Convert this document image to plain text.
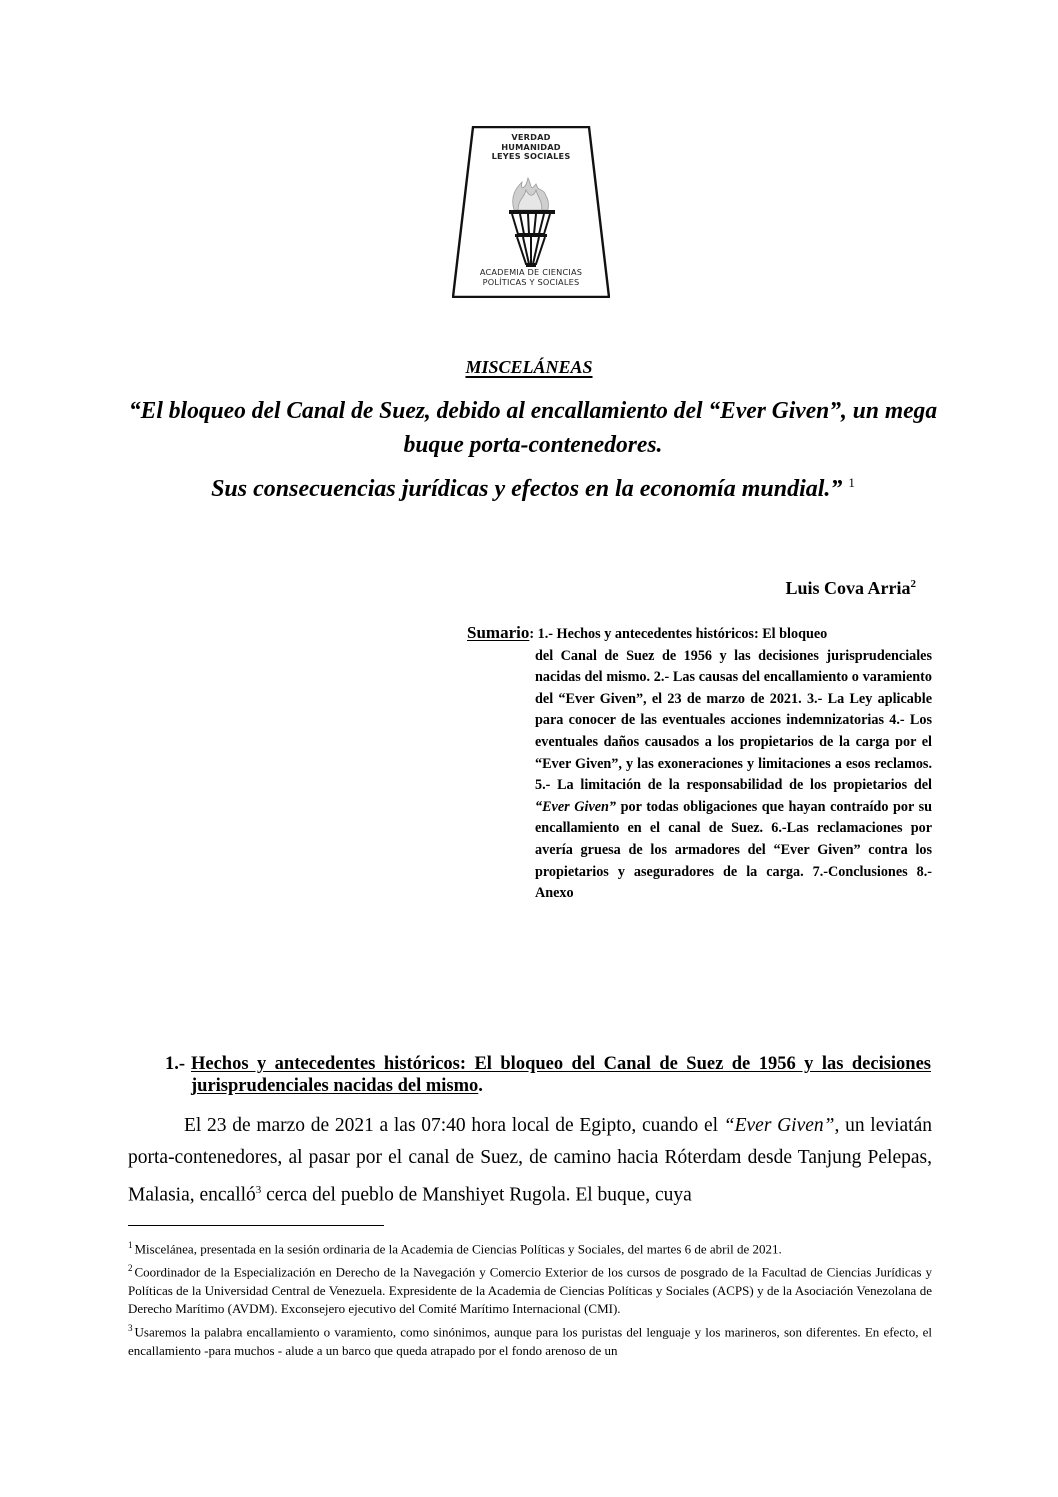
VERDAD
HUMANIDAD
LEYES SOCIALES
ACADEMIA DE CIENCIAS
POLÍTICAS Y SOCIALES
MISCELÁNEAS
“El bloqueo del Canal de Suez, debido al encallamiento del “Ever Given”, un mega buque porta-contenedores.
Sus consecuencias jurídicas y efectos en la economía mundial.” $^1$
Luis Cova Arria$^2$
Sumario: 1.- Hechos y antecedentes históricos: El bloqueo
del Canal de Suez de 1956 y las decisiones jurisprudenciales nacidas del mismo. 2.- Las causas del encallamiento o varamiento del “Ever Given”, el 23 de marzo de 2021. 3.- La Ley aplicable para conocer de las eventuales acciones indemnizatorias 4.- Los eventuales daños causados a los propietarios de la carga por el “Ever Given”, y las exoneraciones y limitaciones a esos reclamos. 5.- La limitación de la responsabilidad de los propietarios del “Ever Given” por todas obligaciones que hayan contraído por su encallamiento en el canal de Suez. 6.-Las reclamaciones por avería gruesa de los armadores del “Ever Given” contra los propietarios y aseguradores de la carga. 7.-Conclusiones 8.-Anexo
1.- Hechos y antecedentes históricos: El bloqueo del Canal de Suez de 1956 y las decisiones jurisprudenciales nacidas del mismo.
El 23 de marzo de 2021 a las 07:40 hora local de Egipto, cuando el “Ever Given”, un leviatán porta-contenedores, al pasar por el canal de Suez, de camino hacia Róterdam desde Tanjung Pelepas, Malasia, encalló$^3$ cerca del pueblo de Manshiyet Rugola. El buque, cuya
$^1$ Miscelánea, presentada en la sesión ordinaria de la Academia de Ciencias Políticas y Sociales, del martes 6 de abril de 2021.
$^2$ Coordinador de la Especialización en Derecho de la Navegación y Comercio Exterior de los cursos de posgrado de la Facultad de Ciencias Jurídicas y Políticas de la Universidad Central de Venezuela. Expresidente de la Academia de Ciencias Políticas y Sociales (ACPS) y de la Asociación Venezolana de Derecho Marítimo (AVDM). Exconsejero ejecutivo del Comité Marítimo Internacional (CMI).
$^3$ Usaremos la palabra encallamiento o varamiento, como sinónimos, aunque para los puristas del lenguaje y los marineros, son diferentes. En efecto, el encallamiento -para muchos - alude a un barco que queda atrapado por el fondo arenoso de un
